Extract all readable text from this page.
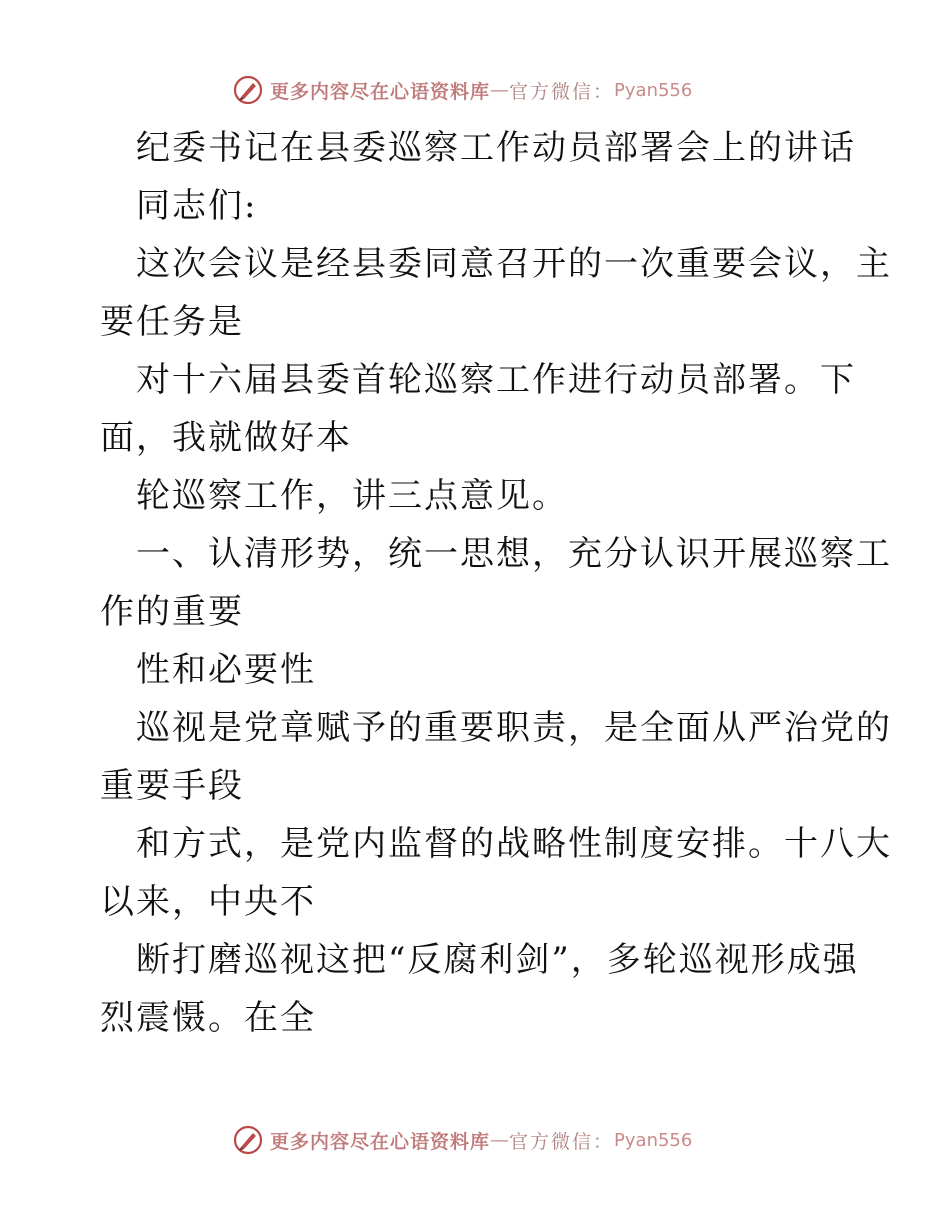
更多内容尽在心语资料库 — 官方微信： Pyan556
纪委书记在县委巡察工作动员部署会上的讲话
同志们:
这次会议是经县委同意召开的一次重要会议，主
要任务是
对十六届县委首轮巡察工作进行动员部署。下
面，我就做好本
轮巡察工作，讲三点意见。
一、认清形势，统一思想，充分认识开展巡察工
作的重要
性和必要性
巡视是党章赋予的重要职责，是全面从严治党的
重要手段
和方式，是党内监督的战略性制度安排。十八大
以来，中央不
断打磨巡视这把“反腐利剑”，多轮巡视形成强
烈震慑。在全
更多内容尽在心语资料库 — 官方微信： Pyan556
